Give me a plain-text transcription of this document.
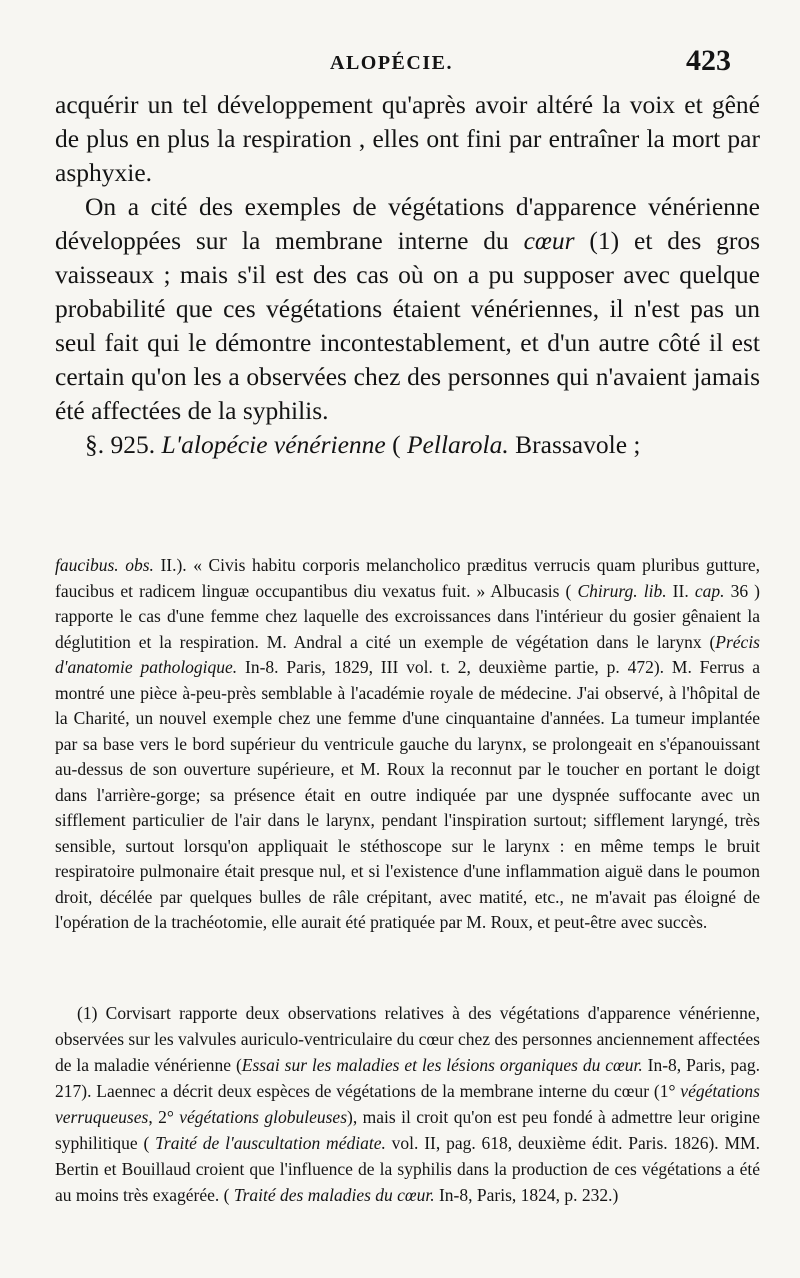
ALOPÉCIE.	423

acquérir un tel développement qu'après avoir altéré la voix et gêné de plus en plus la respiration , elles ont fini par entraîner la mort par asphyxie.

On a cité des exemples de végétations d'apparence vénérienne développées sur la membrane interne du cœur (1) et des gros vaisseaux ; mais s'il est des cas où on a pu supposer avec quelque probabilité que ces végétations étaient vénériennes, il n'est pas un seul fait qui le démontre incontestablement, et d'un autre côté il est certain qu'on les a observées chez des personnes qui n'avaient jamais été affectées de la syphilis.

§. 925. L'alopécie vénérienne ( Pellarola. Brassavole ;

faucibus. obs. II.). « Civis habitu corporis melancholico præditus verrucis quam pluribus gutture, faucibus et radicem linguæ occupantibus diu vexatus fuit. » Albucasis ( Chirurg. lib. II. cap. 36 ) rapporte le cas d'une femme chez laquelle des excroissances dans l'intérieur du gosier gênaient la déglutition et la respiration. M. Andral a cité un exemple de végétation dans le larynx (Précis d'anatomie pathologique. In-8. Paris, 1829, III vol. t. 2, deuxième partie, p. 472). M. Ferrus a montré une pièce à-peu-près semblable à l'académie royale de médecine. J'ai observé, à l'hôpital de la Charité, un nouvel exemple chez une femme d'une cinquantaine d'années. La tumeur implantée par sa base vers le bord supérieur du ventricule gauche du larynx, se prolongeait en s'épanouissant au-dessus de son ouverture supérieure, et M. Roux la reconnut par le toucher en portant le doigt dans l'arrière-gorge; sa présence était en outre indiquée par une dyspnée suffocante avec un sifflement particulier de l'air dans le larynx, pendant l'inspiration surtout; sifflement laryngé, très sensible, surtout lorsqu'on appliquait le stéthoscope sur le larynx : en même temps le bruit respiratoire pulmonaire était presque nul, et si l'existence d'une inflammation aiguë dans le poumon droit, décélée par quelques bulles de râle crépitant, avec matité, etc., ne m'avait pas éloigné de l'opération de la trachéotomie, elle aurait été pratiquée par M. Roux, et peut-être avec succès.

(1) Corvisart rapporte deux observations relatives à des végétations d'apparence vénérienne, observées sur les valvules auriculo-ventriculaire du cœur chez des personnes anciennement affectées de la maladie vénérienne (Essai sur les maladies et les lésions organiques du cœur. In-8, Paris, pag. 217). Laennec a décrit deux espèces de végétations de la membrane interne du cœur (1° végétations verruqueuses, 2° végétations globuleuses), mais il croit qu'on est peu fondé à admettre leur origine syphilitique ( Traité de l'auscultation médiate. vol. II, pag. 618, deuxième édit. Paris. 1826). MM. Bertin et Bouillaud croient que l'influence de la syphilis dans la production de ces végétations a été au moins très exagérée. ( Traité des maladies du cœur. In-8, Paris, 1824, p. 232.)
